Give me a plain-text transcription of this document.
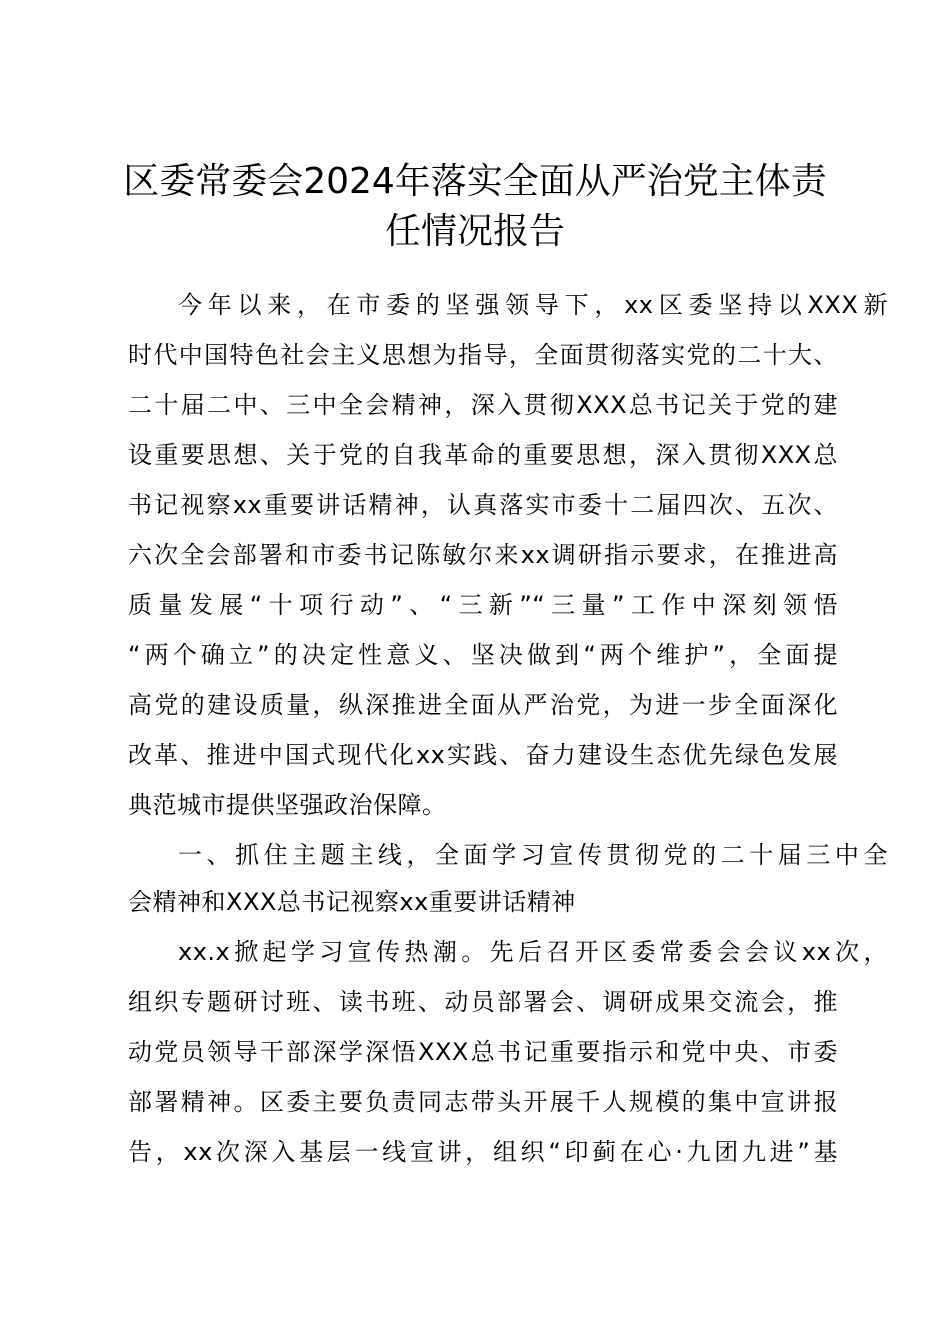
区委常委会2024年落实全面从严治党主体责
任情况报告
今年以来，在市委的坚强领导下，xx区委坚持以XXX新
时代中国特色社会主义思想为指导，全面贯彻落实党的二十大、
二十届二中、三中全会精神，深入贯彻XXX总书记关于党的建
设重要思想、关于党的自我革命的重要思想，深入贯彻XXX总
书记视察xx重要讲话精神，认真落实市委十二届四次、五次、
六次全会部署和市委书记陈敏尔来xx调研指示要求，在推进高
质量发展“十项行动”、“三新”“三量”工作中深刻领悟
“两个确立”的决定性意义、坚决做到“两个维护”，全面提
高党的建设质量，纵深推进全面从严治党，为进一步全面深化
改革、推进中国式现代化xx实践、奋力建设生态优先绿色发展
典范城市提供坚强政治保障。
一、抓住主题主线，全面学习宣传贯彻党的二十届三中全
会精神和XXX总书记视察xx重要讲话精神
xx.x掀起学习宣传热潮。先后召开区委常委会会议xx次，
组织专题研讨班、读书班、动员部署会、调研成果交流会，推
动党员领导干部深学深悟XXX总书记重要指示和党中央、市委
部署精神。区委主要负责同志带头开展千人规模的集中宣讲报
告，xx次深入基层一线宣讲，组织“印蓟在心·九团九进”基
